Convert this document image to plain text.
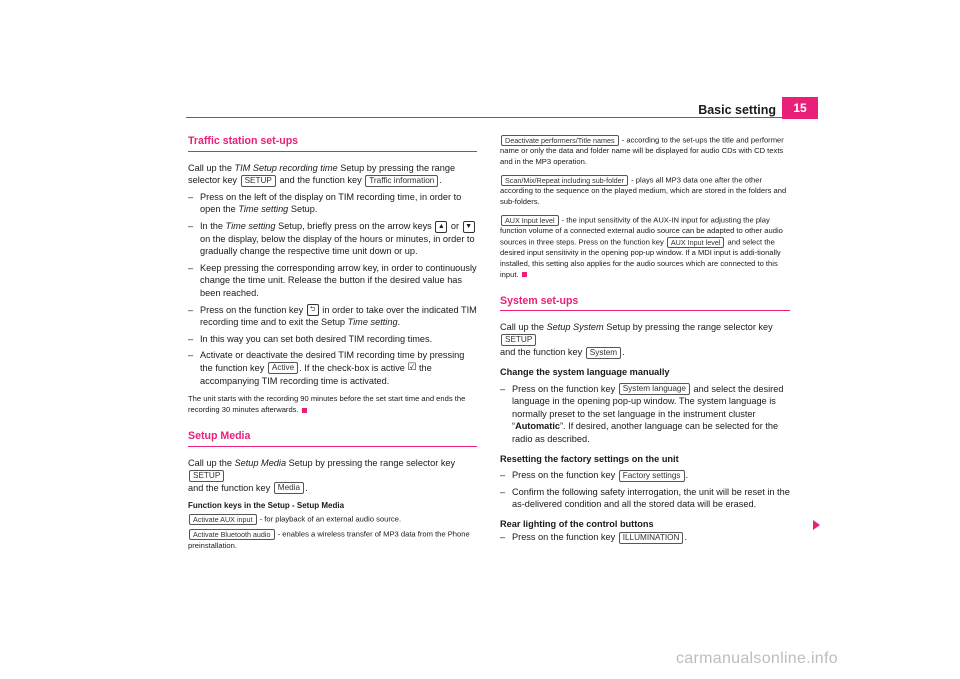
Basic setting	15
Traffic station set-ups

Call up the TIM Setup recording time Setup by pressing the range selector key SETUP and the function key Traffic information .

– Press on the left of the display on TIM recording time, in order to open the Time setting Setup.
– In the Time setting Setup, briefly press on the arrow keys ▲ or ▼ on the display, below the display of the hours or minutes, in order to gradually change the respective time unit down or up.
– Keep pressing the corresponding arrow key, in order to continuously change the time unit. Release the button if the desired value has been reached.
– Press on the function key ⮌ in order to take over the indicated TIM recording time and to exit the Setup Time setting.
– In this way you can set both desired TIM recording times.
– Activate or deactivate the desired TIM recording time by pressing the function key Active . If the check-box is active ☑ the accompanying TIM recording time is activated.

The unit starts with the recording 90 minutes before the set start time and ends the recording 30 minutes afterwards.

Setup Media

Call up the Setup Media Setup by pressing the range selector key SETUP
and the function key Media .

Function keys in the Setup - Setup Media

Activate AUX input - for playback of an external audio source.

Activate Bluetooth audio - enables a wireless transfer of MP3 data from the Phone preinstallation.

Deactivate performers/Title names - according to the set-ups the title and performer name or only the data and folder name will be displayed for audio CDs with CD texts and in the MP3 operation.

Scan/Mix/Repeat including sub-folder - plays all MP3 data one after the other according to the sequence on the played medium, which are stored in the folders and sub-folders.

AUX Input level - the input sensitivity of the AUX-IN input for adjusting the play function volume of a connected external audio source can be adapted to other audio sources in three steps. Press on the function key AUX Input level and select the desired input sensitivity in the opening pop-up window. If a MDI input is addi-tionally installed, this setting also applies for the audio sources which are connected to this input.

System set-ups

Call up the Setup System Setup by pressing the range selector key SETUP
and the function key System .

Change the system language manually

– Press on the function key System language and select the desired language in the opening pop-up window. The system language is normally preset to the set language in the instrument cluster “Automatic”. If desired, another language can be selected for the radio as described.

Resetting the factory settings on the unit

– Press on the function key Factory settings .
– Confirm the following safety interrogation, the unit will be reset in the as-delivered condition and all the stored data will be erased.

Rear lighting of the control buttons

– Press on the function key ILLUMINATION .
carmanualsonline.info
